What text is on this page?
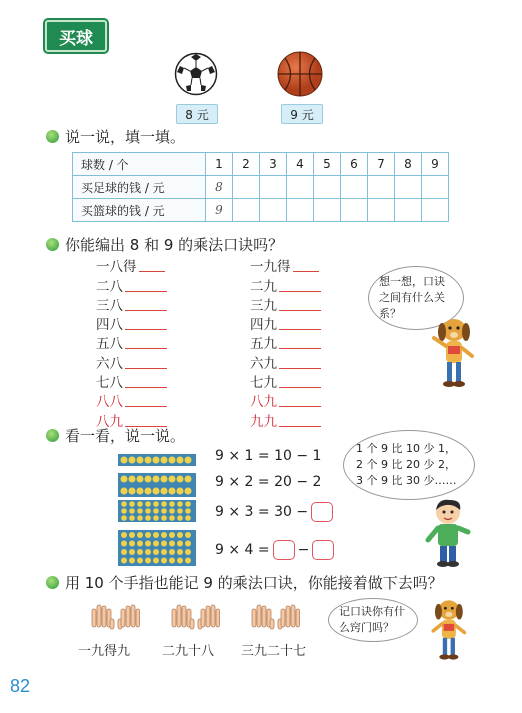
买球
8 元	9 元
说一说，填一填。
球数 / 个	1	2	3	4	5	6	7	8	9
买足球的钱 / 元	8								
买篮球的钱 / 元	9								
你能编出 8 和 9 的乘法口诀吗？
一八得
二八
三八
四八
五八
六八
七八
八八
八九
一九得
二九
三九
四九
五九
六九
七九
八九
九九
想一想，口诀之间有什么关系？
看一看，说一说。
9 × 1 = 10 − 1
9 × 2 = 20 − 2
9 × 3 = 30 −
9 × 4 = −
1 个 9 比 10 少 1，
2 个 9 比 20 少 2，
3 个 9 比 30 少……
用 10 个手指也能记 9 的乘法口诀，你能接着做下去吗？
一九得九 二九十八 三九二十七
记口诀你有什么窍门吗？
82
